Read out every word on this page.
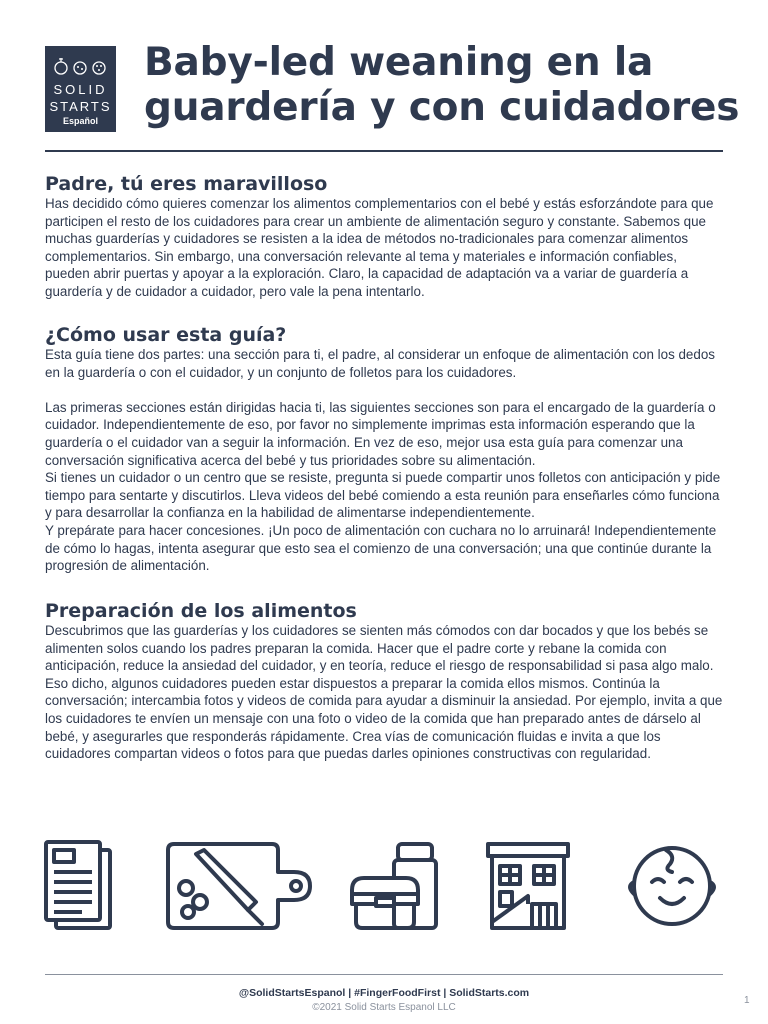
SOLID
STARTS
Español
Baby-led weaning en la guardería y con cuidadores
Padre, tú eres maravilloso

Has decidido cómo quieres comenzar los alimentos complementarios con el bebé y estás esforzándote para que participen el resto de los cuidadores para crear un ambiente de alimentación seguro y constante. Sabemos que muchas guarderías y cuidadores se resisten a la idea de métodos no-tradicionales para comenzar alimentos complementarios. Sin embargo, una conversación relevante al tema y materiales e información confiables, pueden abrir puertas y apoyar a la exploración. Claro, la capacidad de adaptación va a variar de guardería a guardería y de cuidador a cuidador, pero vale la pena intentarlo.

¿Cómo usar esta guía?

Esta guía tiene dos partes: una sección para ti, el padre, al considerar un enfoque de alimentación con los dedos en la guardería o con el cuidador, y un conjunto de folletos para los cuidadores.

Las primeras secciones están dirigidas hacia ti, las siguientes secciones son para el encargado de la guardería o cuidador. Independientemente de eso, por favor no simplemente imprimas esta información esperando que la guardería o el cuidador van a seguir la información. En vez de eso, mejor usa esta guía para comenzar una conversación significativa acerca del bebé y tus prioridades sobre su alimentación.

Si tienes un cuidador o un centro que se resiste, pregunta si puede compartir unos folletos con anticipación y pide tiempo para sentarte y discutirlos. Lleva videos del bebé comiendo a esta reunión para enseñarles cómo funciona y para desarrollar la confianza en la habilidad de alimentarse independientemente.

Y prepárate para hacer concesiones. ¡Un poco de alimentación con cuchara no lo arruinará! Independientemente de cómo lo hagas, intenta asegurar que esto sea el comienzo de una conversación; una que continúe durante la progresión de alimentación.

Preparación de los alimentos

Descubrimos que las guarderías y los cuidadores se sienten más cómodos con dar bocados y que los bebés se alimenten solos cuando los padres preparan la comida. Hacer que el padre corte y rebane la comida con anticipación, reduce la ansiedad del cuidador, y en teoría, reduce el riesgo de responsabilidad si pasa algo malo. Eso dicho, algunos cuidadores pueden estar dispuestos a preparar la comida ellos mismos. Continúa la conversación; intercambia fotos y videos de comida para ayudar a disminuir la ansiedad. Por ejemplo, invita a que los cuidadores te envíen un mensaje con una foto o video de la comida que han preparado antes de dárselo al bebé, y asegurarles que responderás rápidamente. Crea vías de comunicación fluidas e invita a que los cuidadores compartan videos o fotos para que puedas darles opiniones constructivas con regularidad.

@SolidStartsEspanol | #FingerFoodFirst | SolidStarts.com
©2021 Solid Starts Espanol LLC
1
